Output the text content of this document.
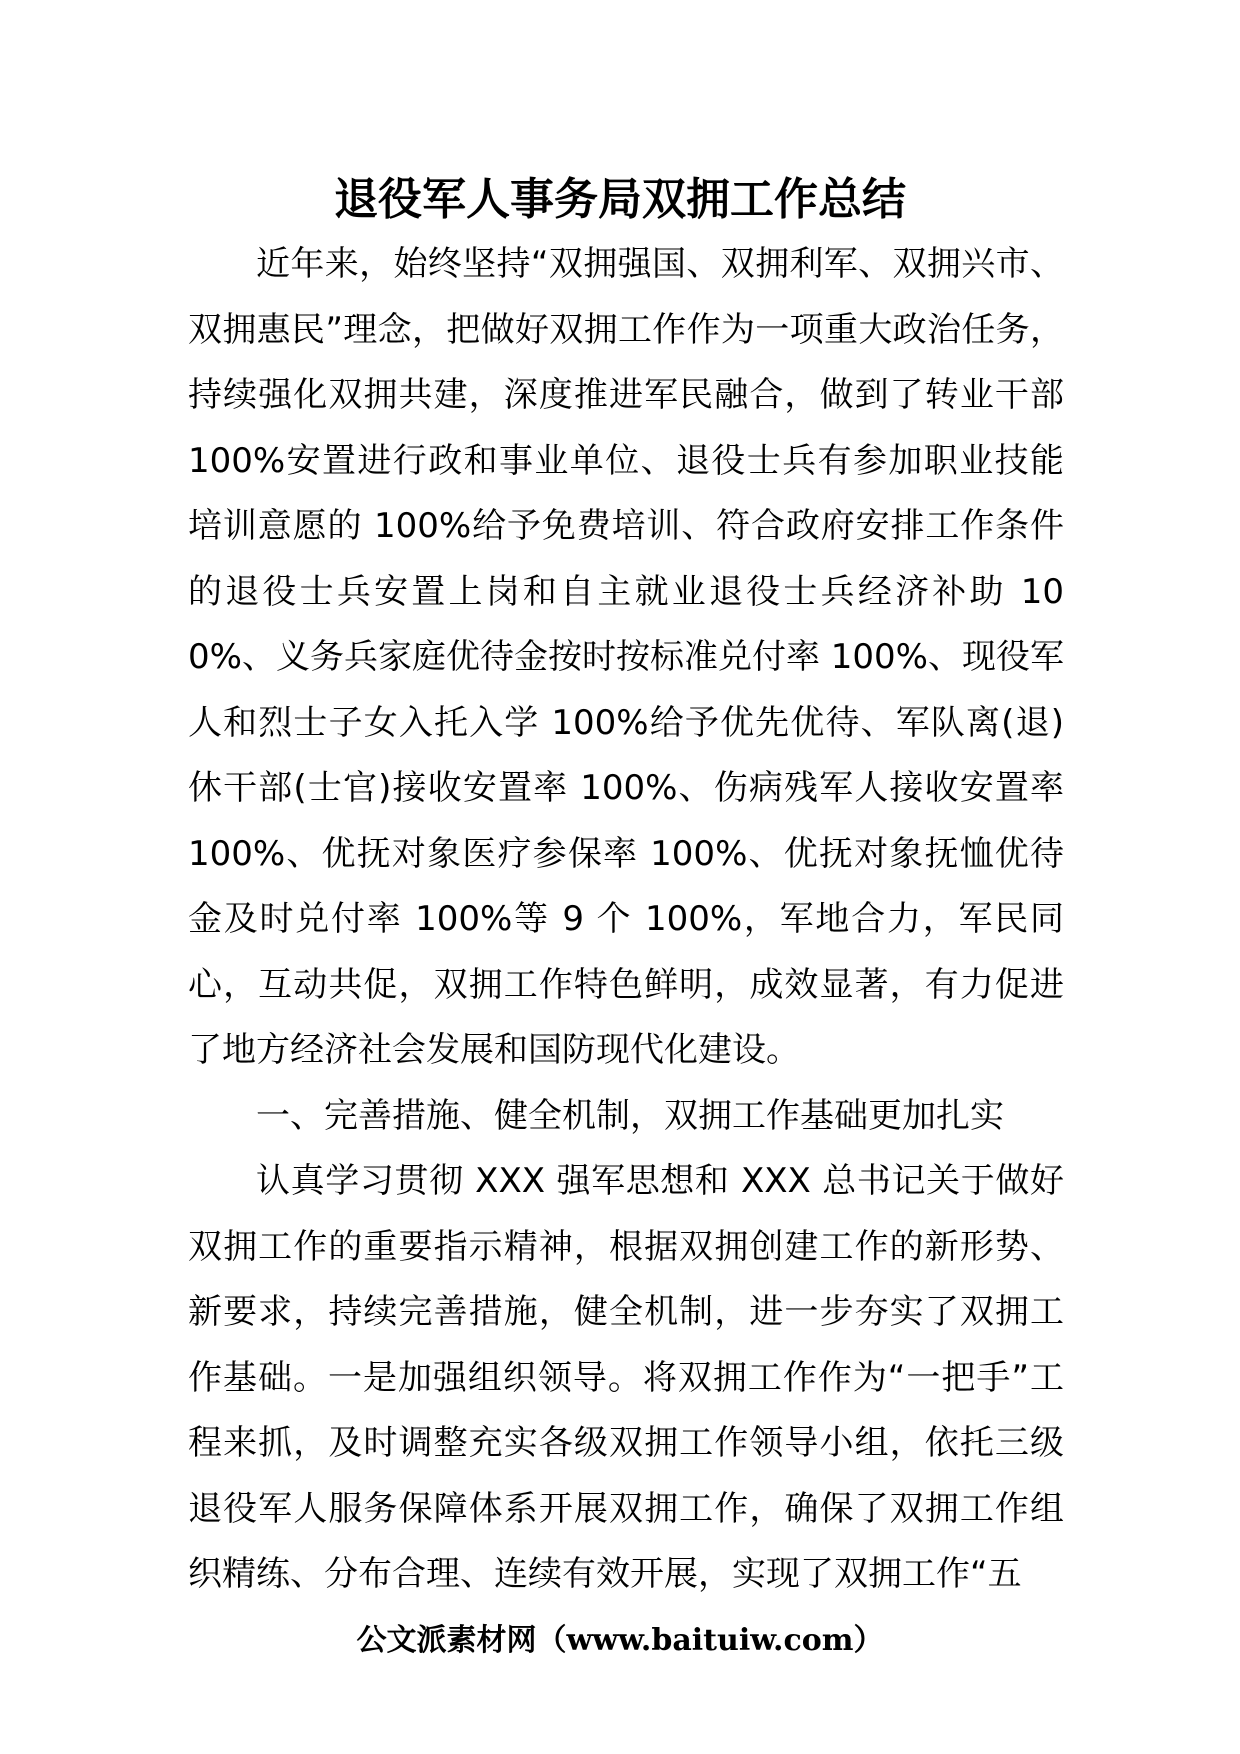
退役军人事务局双拥工作总结

近年来，始终坚持“双拥强国、双拥利军、双拥兴市、双拥惠民”理念，把做好双拥工作作为一项重大政治任务，持续强化双拥共建，深度推进军民融合，做到了转业干部 100%安置进行政和事业单位、退役士兵有参加职业技能培训意愿的 100%给予免费培训、符合政府安排工作条件的退役士兵安置上岗和自主就业退役士兵经济补助 100%、义务兵家庭优待金按时按标准兑付率 100%、现役军人和烈士子女入托入学 100%给予优先优待、军队离(退)休干部(士官)接收安置率 100%、伤病残军人接收安置率 100%、优抚对象医疗参保率 100%、优抚对象抚恤优待金及时兑付率 100%等 9 个 100%，军地合力，军民同心，互动共促，双拥工作特色鲜明，成效显著，有力促进了地方经济社会发展和国防现代化建设。

一、完善措施、健全机制，双拥工作基础更加扎实

认真学习贯彻 XXX 强军思想和 XXX 总书记关于做好双拥工作的重要指示精神，根据双拥创建工作的新形势、新要求，持续完善措施，健全机制，进一步夯实了双拥工作基础。一是加强组织领导。将双拥工作作为“一把手”工程来抓，及时调整充实各级双拥工作领导小组，依托三级退役军人服务保障体系开展双拥工作，确保了双拥工作组织精练、分布合理、连续有效开展，实现了双拥工作“五

公文派素材网（www.baituiw.com）
